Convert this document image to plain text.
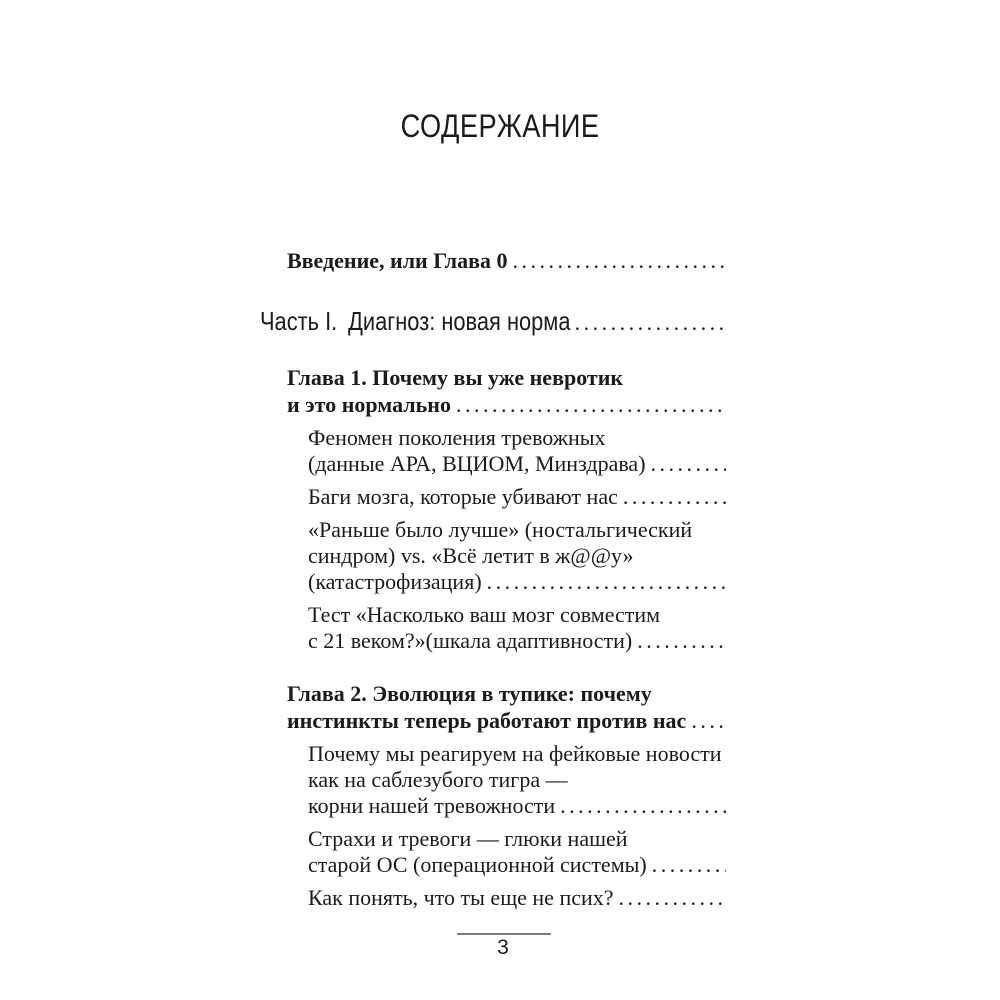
СОДЕРЖАНИЕ
Введение, или Глава 0
.....
Часть I. Диагноз: новая норма
.....
Глава 1. Почему вы уже невротик
и это нормально
.....
Феномен поколения тревожных
(данные АРА, ВЦИОМ, Минздрава)
.....
Баги мозга, которые убивают нас
.....
«Раньше было лучше» (ностальгический
синдром) vs. «Всё летит в ж@@у»
(катастрофизация)
.....
Тест «Насколько ваш мозг совместим
с 21 веком?»(шкала адаптивности)
.....
Глава 2. Эволюция в тупике: почему
инстинкты теперь работают против нас
.....
Почему мы реагируем на фейковые новости
как на саблезубого тигра —
корни нашей тревожности
.....
Страхи и тревоги — глюки нашей
старой ОС (операционной системы)
.....
Как понять, что ты еще не псих?
.....
3
